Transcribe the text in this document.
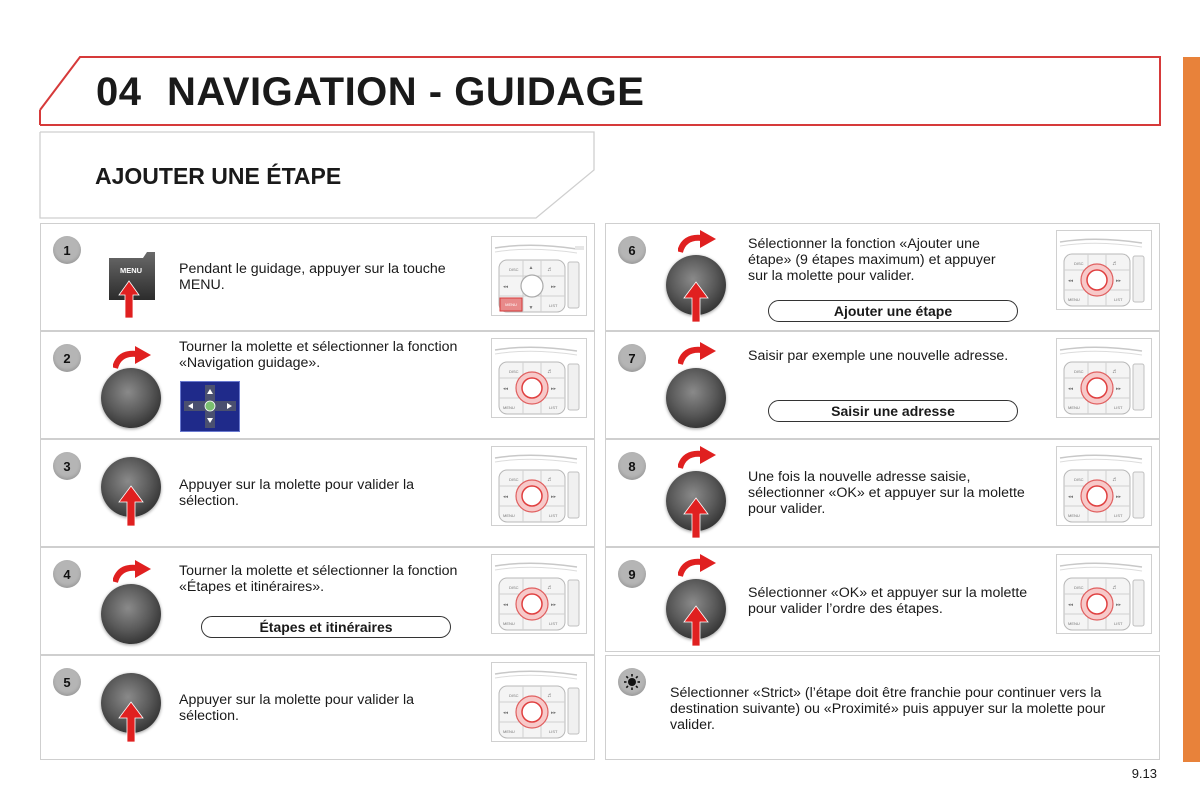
04 NAVIGATION - GUIDAGE
AJOUTER UNE ÉTAPE
1
MENU	Pendant le guidage, appuyer sur la touche MENU.
DISC	♬
▲
◂◂	▸▸
▼
MENU	LIST
2
Tourner la molette et sélectionner la fonction «Navigation guidage».
DISC	♬
◂◂	▸▸
MENU	LIST
3
Appuyer sur la molette pour valider la sélection.
DISC	♬
◂◂	▸▸
MENU	LIST
4	Tourner la molette et sélectionner la fonction «Étapes et itinéraires».
Étapes et itinéraires
DISC	♬
◂◂	▸▸
MENU	LIST
5
Appuyer sur la molette pour valider la sélection.
DISC	♬
◂◂	▸▸
MENU	LIST
6	Sélectionner la fonction «Ajouter une étape» (9 étapes maximum) et appuyer sur la molette pour valider.
Ajouter une étape
DISC	♬
◂◂	▸▸
MENU	LIST
7	Saisir par exemple une nouvelle adresse.
Saisir une adresse
DISC	♬
◂◂	▸▸
MENU	LIST
8
Une fois la nouvelle adresse saisie, sélectionner «OK» et appuyer sur la molette pour valider.
DISC	♬
◂◂	▸▸
MENU	LIST
9
Sélectionner «OK» et appuyer sur la molette pour valider l’ordre des étapes.
DISC	♬
◂◂	▸▸
MENU	LIST
Sélectionner «Strict» (l’étape doit être franchie pour continuer vers la destination suivante) ou «Proximité» puis appuyer sur la molette pour valider.
9.13
